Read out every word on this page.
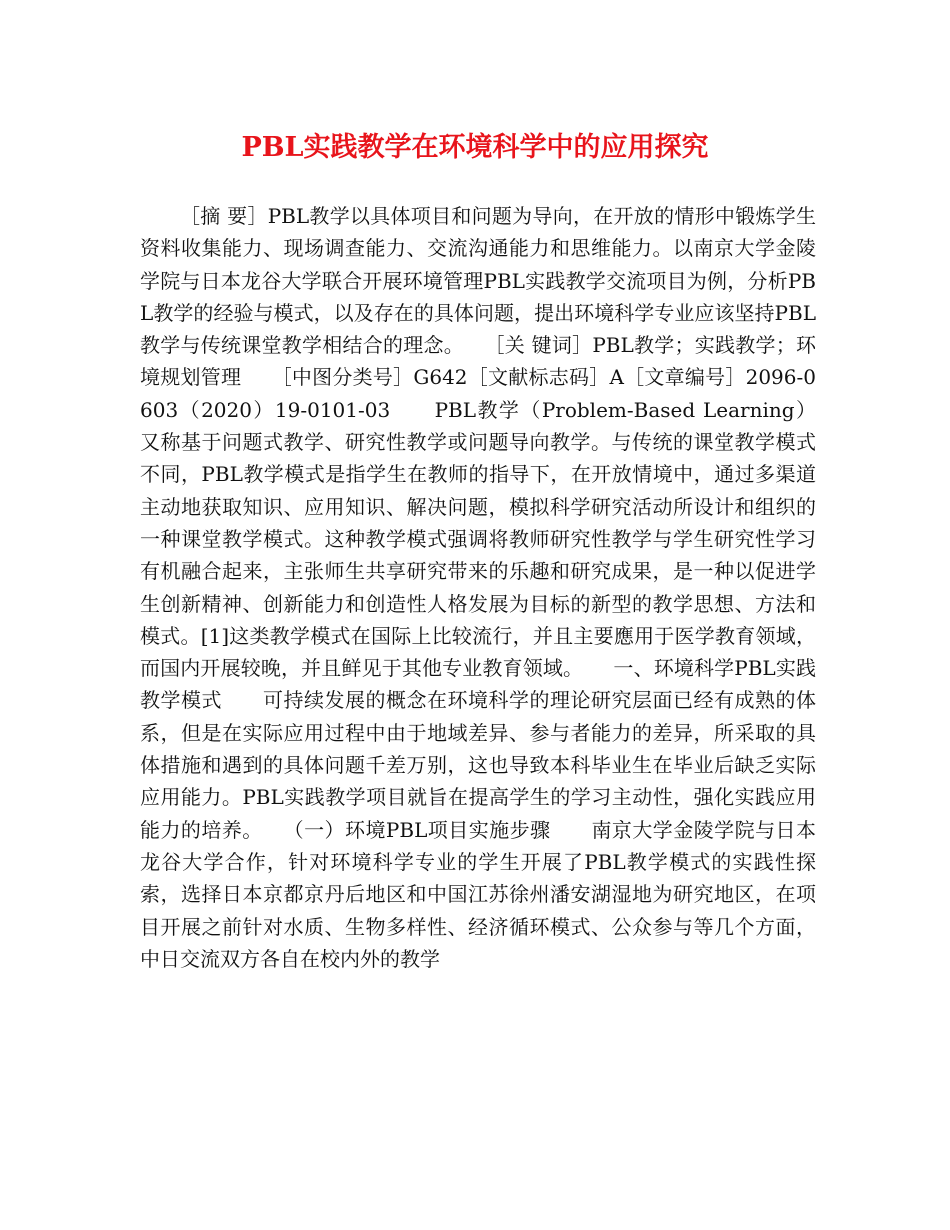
PBL实践教学在环境科学中的应用探究

［摘 要］PBL教学以具体项目和问题为导向，在开放的情形中锻炼学生资料收集能力、现场调查能力、交流沟通能力和思维能力。以南京大学金陵学院与日本龙谷大学联合开展环境管理PBL实践教学交流项目为例，分析PBL教学的经验与模式，以及存在的具体问题，提出环境科学专业应该坚持PBL教学与传统课堂教学相结合的理念。　　［关 键词］PBL教学；实践教学；环境规划管理　　［中图分类号］G642［文献标志码］A［文章编号］2096-0603（2020）19-0101-03　　PBL教学（Problem-Based Learning）又称基于问题式教学、研究性教学或问题导向教学。与传统的课堂教学模式不同，PBL教学模式是指学生在教师的指导下，在开放情境中，通过多渠道主动地获取知识、应用知识、解决问题，模拟科学研究活动所设计和组织的一种课堂教学模式。这种教学模式强调将教师研究性教学与学生研究性学习有机融合起来，主张师生共享研究带来的乐趣和研究成果，是一种以促进学生创新精神、创新能力和创造性人格发展为目标的新型的教学思想、方法和模式。[1]这类教学模式在国际上比较流行，并且主要應用于医学教育领域，而国内开展较晚，并且鲜见于其他专业教育领域。　　一、环境科学PBL实践教学模式　　可持续发展的概念在环境科学的理论研究层面已经有成熟的体系，但是在实际应用过程中由于地域差异、参与者能力的差异，所采取的具体措施和遇到的具体问题千差万别，这也导致本科毕业生在毕业后缺乏实际应用能力。PBL实践教学项目就旨在提高学生的学习主动性，强化实践应用能力的培养。　　（一）环境PBL项目实施步骤　　南京大学金陵学院与日本龙谷大学合作，针对环境科学专业的学生开展了PBL教学模式的实践性探索，选择日本京都京丹后地区和中国江苏徐州潘安湖湿地为研究地区，在项目开展之前针对水质、生物多样性、经济循环模式、公众参与等几个方面，中日交流双方各自在校内外的教学
